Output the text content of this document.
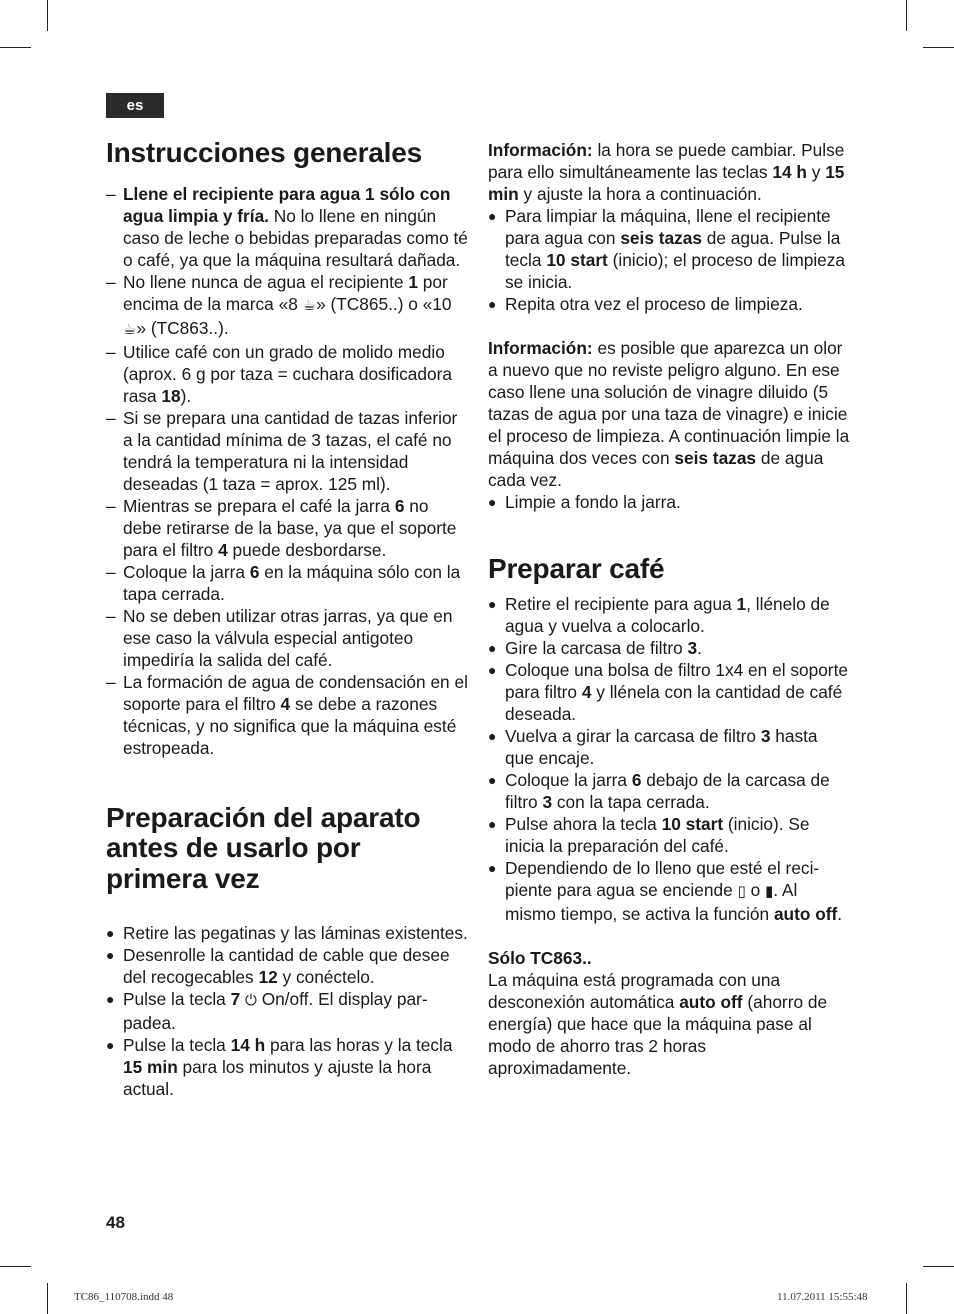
es
Instrucciones generales
– Llene el recipiente para agua 1 sólo con agua limpia y fría. No lo llene en ningún caso de leche o bebidas preparadas como té o café, ya que la máquina resultará dañada.
– No llene nunca de agua el recipiente 1 por encima de la marca «8 ☕» (TC865..) o «10 ☕» (TC863..).
– Utilice café con un grado de molido medio (aprox. 6 g por taza = cuchara dosificadora rasa 18).
– Si se prepara una cantidad de tazas inferior a la cantidad mínima de 3 tazas, el café no tendrá la temperatura ni la intensidad deseadas (1 taza = aprox. 125 ml).
– Mientras se prepara el café la jarra 6 no debe retirarse de la base, ya que el soporte para el filtro 4 puede desbordarse.
– Coloque la jarra 6 en la máquina sólo con la tapa cerrada.
– No se deben utilizar otras jarras, ya que en ese caso la válvula especial antigoteo impediría la salida del café.
– La formación de agua de condensación en el soporte para el filtro 4 se debe a razones técnicas, y no significa que la máquina esté estropeada.
Preparación del aparato antes de usarlo por primera vez
● Retire las pegatinas y las láminas existentes.
● Desenrolle la cantidad de cable que desee del recogecables 12 y conéctelo.
● Pulse la tecla 7 ⏻ On/off. El display parpadea.
● Pulse la tecla 14 h para las horas y la tecla 15 min para los minutos y ajuste la hora actual.

Información: la hora se puede cambiar. Pulse para ello simultáneamente las teclas 14 h y 15 min y ajuste la hora a continuación.

● Para limpiar la máquina, llene el recipiente para agua con seis tazas de agua. Pulse la tecla 10 start (inicio); el proceso de limpieza se inicia.
● Repita otra vez el proceso de limpieza.

Información: es posible que aparezca un olor a nuevo que no reviste peligro alguno. En ese caso llene una solución de vinagre diluido (5 tazas de agua por una taza de vinagre) e inicie el proceso de limpieza. A continuación limpie la máquina dos veces con seis tazas de agua cada vez.

● Limpie a fondo la jarra.
Preparar café
● Retire el recipiente para agua 1, llénelo de agua y vuelva a colocarlo.
● Gire la carcasa de filtro 3.
● Coloque una bolsa de filtro 1x4 en el soporte para filtro 4 y llénela con la cantidad de café deseada.
● Vuelva a girar la carcasa de filtro 3 hasta que encaje.
● Coloque la jarra 6 debajo de la carcasa de filtro 3 con la tapa cerrada.
● Pulse ahora la tecla 10 start (inicio). Se inicia la preparación del café.
● Dependiendo de lo lleno que esté el recipiente para agua se enciende ▯ o ▮. Al mismo tiempo, se activa la función auto off.

Sólo TC863..

La máquina está programada con una desconexión automática auto off (ahorro de energía) que hace que la máquina pase al modo de ahorro tras 2 horas aproximadamente.

48
TC86_110708.indd 48	11.07.2011 15:55:48
